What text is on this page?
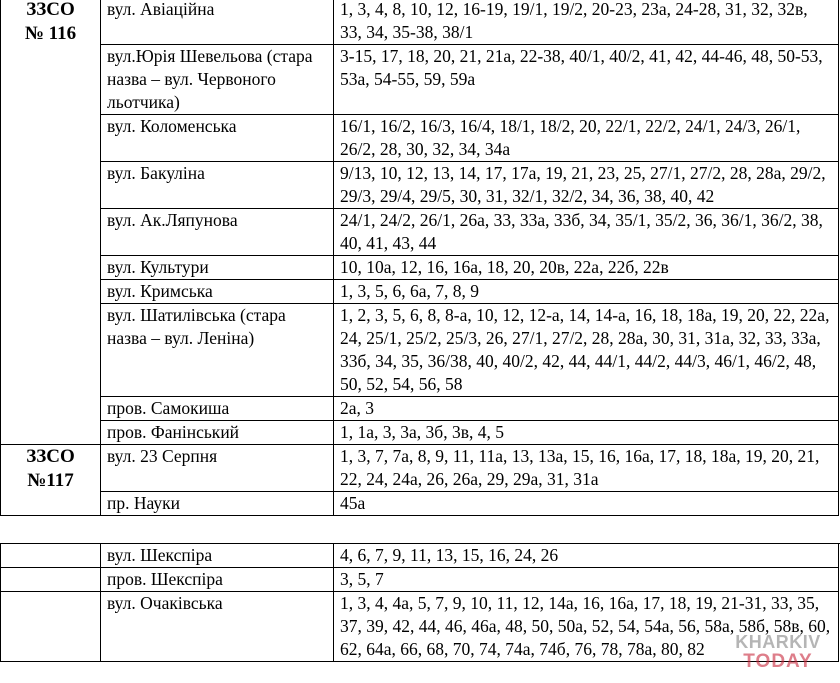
ЗЗСО
№ 116	вул. Авіаційна	1, 3, 4, 8, 10, 12, 16-19, 19/1, 19/2, 20-23, 23а, 24-28, 31, 32, 32в, 33, 34, 35-38, 38/1
	вул.Юрія Шевельова (стара назва – вул. Червоного льотчика)	3-15, 17, 18, 20, 21, 21а, 22-38, 40/1, 40/2, 41, 42, 44-46, 48, 50-53, 53а, 54-55, 59, 59а
	вул. Коломенська	16/1, 16/2, 16/3, 16/4, 18/1, 18/2, 20, 22/1, 22/2, 24/1, 24/3, 26/1, 26/2, 28, 30, 32, 34, 34а
	вул. Бакуліна	9/13, 10, 12, 13, 14, 17, 17а, 19, 21, 23, 25, 27/1, 27/2, 28, 28а, 29/2, 29/3, 29/4, 29/5, 30, 31, 32/1, 32/2, 34, 36, 38, 40, 42
	вул. Ак.Ляпунова	24/1, 24/2, 26/1, 26а, 33, 33а, 33б, 34, 35/1, 35/2, 36, 36/1, 36/2, 38, 40, 41, 43, 44
	вул. Культури	10, 10а, 12, 16, 16а, 18, 20, 20в, 22а, 22б, 22в
	вул. Кримська	1, 3, 5, 6, 6а, 7, 8, 9
	вул. Шатилівська (стара назва – вул. Леніна)	1, 2, 3, 5, 6, 8, 8-а, 10, 12, 12-а, 14, 14-а, 16, 18, 18а, 19, 20, 22, 22а, 24, 25/1, 25/2, 25/3, 26, 27/1, 27/2, 28, 28а, 30, 31, 31а, 32, 33, 33а, 33б, 34, 35, 36/38, 40, 40/2, 42, 44, 44/1, 44/2, 44/3, 46/1, 46/2, 48, 50, 52, 54, 56, 58
	пров. Самокиша	2а, 3
	пров. Фанінський	1, 1а, 3, 3а, 3б, 3в, 4, 5
ЗЗСО
№117	вул. 23 Серпня	1, 3, 7, 7а, 8, 9, 11, 11а, 13, 13а, 15, 16, 16а, 17, 18, 18а, 19, 20, 21, 22, 24, 24а, 26, 26а, 29, 29а, 31, 31а
	пр. Науки	45а
	вул. Шекспіра	4, 6, 7, 9, 11, 13, 15, 16, 24, 26
	пров. Шекспіра	3, 5, 7
	вул. Очаківська	1, 3, 4, 4а, 5, 7, 9, 10, 11, 12, 14а, 16, 16а, 17, 18, 19, 21-31, 33, 35, 37, 39, 42, 44, 46, 46а, 48, 50, 50а, 52, 54, 54а, 56, 58а, 58б, 58в, 60, 62, 64а, 66, 68, 70, 74, 74а, 74б, 76, 78, 78а, 80, 82	KHARKIV
TODAY
